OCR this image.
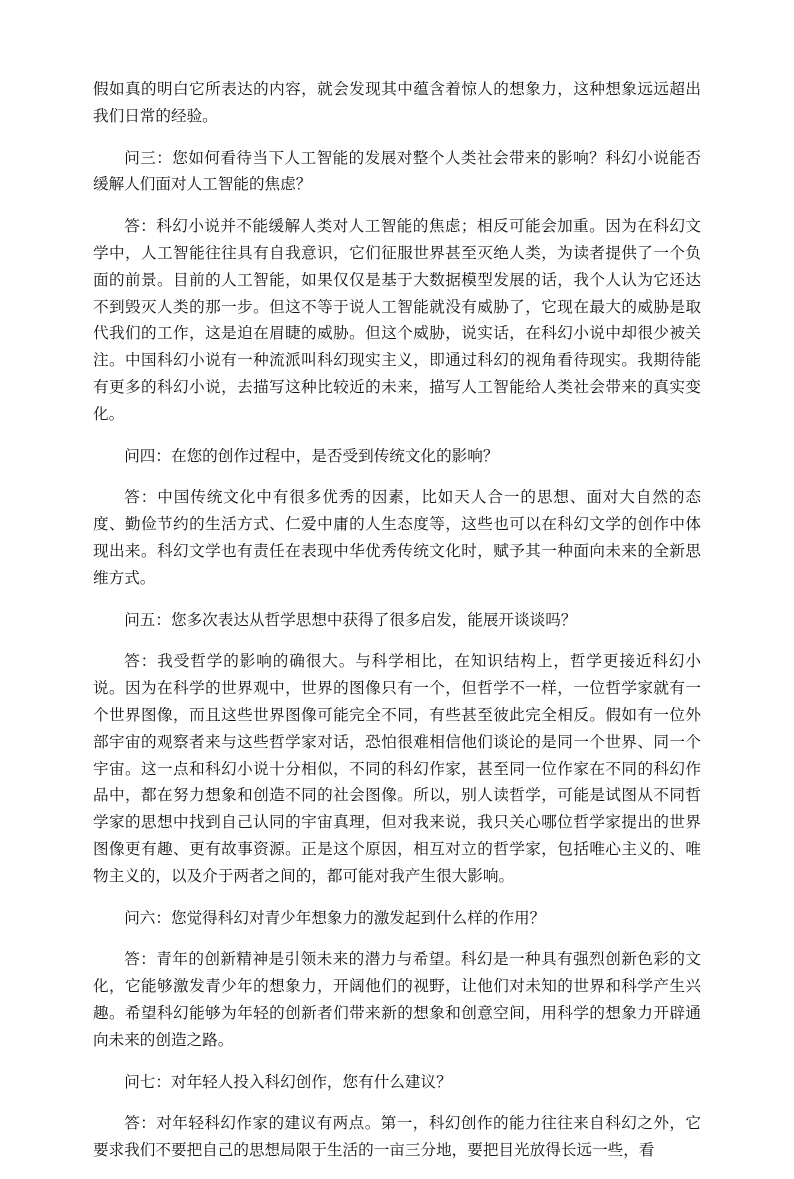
假如真的明白它所表达的内容，就会发现其中蕴含着惊人的想象力，这种想象远远超出我们日常的经验。

问三：您如何看待当下人工智能的发展对整个人类社会带来的影响？科幻小说能否缓解人们面对人工智能的焦虑？

答：科幻小说并不能缓解人类对人工智能的焦虑；相反可能会加重。因为在科幻文学中，人工智能往往具有自我意识，它们征服世界甚至灭绝人类，为读者提供了一个负面的前景。目前的人工智能，如果仅仅是基于大数据模型发展的话，我个人认为它还达不到毁灭人类的那一步。但这不等于说人工智能就没有威胁了，它现在最大的威胁是取代我们的工作，这是迫在眉睫的威胁。但这个威胁，说实话，在科幻小说中却很少被关注。中国科幻小说有一种流派叫科幻现实主义，即通过科幻的视角看待现实。我期待能有更多的科幻小说，去描写这种比较近的未来，描写人工智能给人类社会带来的真实变化。

问四：在您的创作过程中，是否受到传统文化的影响？

答：中国传统文化中有很多优秀的因素，比如天人合一的思想、面对大自然的态度、勤俭节约的生活方式、仁爱中庸的人生态度等，这些也可以在科幻文学的创作中体现出来。科幻文学也有责任在表现中华优秀传统文化时，赋予其一种面向未来的全新思维方式。

问五：您多次表达从哲学思想中获得了很多启发，能展开谈谈吗？

答：我受哲学的影响的确很大。与科学相比，在知识结构上，哲学更接近科幻小说。因为在科学的世界观中，世界的图像只有一个，但哲学不一样，一位哲学家就有一个世界图像，而且这些世界图像可能完全不同，有些甚至彼此完全相反。假如有一位外部宇宙的观察者来与这些哲学家对话，恐怕很难相信他们谈论的是同一个世界、同一个宇宙。这一点和科幻小说十分相似，不同的科幻作家，甚至同一位作家在不同的科幻作品中，都在努力想象和创造不同的社会图像。所以，别人读哲学，可能是试图从不同哲学家的思想中找到自己认同的宇宙真理，但对我来说，我只关心哪位哲学家提出的世界图像更有趣、更有故事资源。正是这个原因，相互对立的哲学家，包括唯心主义的、唯物主义的，以及介于两者之间的，都可能对我产生很大影响。

问六：您觉得科幻对青少年想象力的激发起到什么样的作用？

答：青年的创新精神是引领未来的潜力与希望。科幻是一种具有强烈创新色彩的文化，它能够激发青少年的想象力，开阔他们的视野，让他们对未知的世界和科学产生兴趣。希望科幻能够为年轻的创新者们带来新的想象和创意空间，用科学的想象力开辟通向未来的创造之路。

问七：对年轻人投入科幻创作，您有什么建议？

答：对年轻科幻作家的建议有两点。第一，科幻创作的能力往往来自科幻之外，它要求我们不要把自己的思想局限于生活的一亩三分地，要把目光放得长远一些，看
